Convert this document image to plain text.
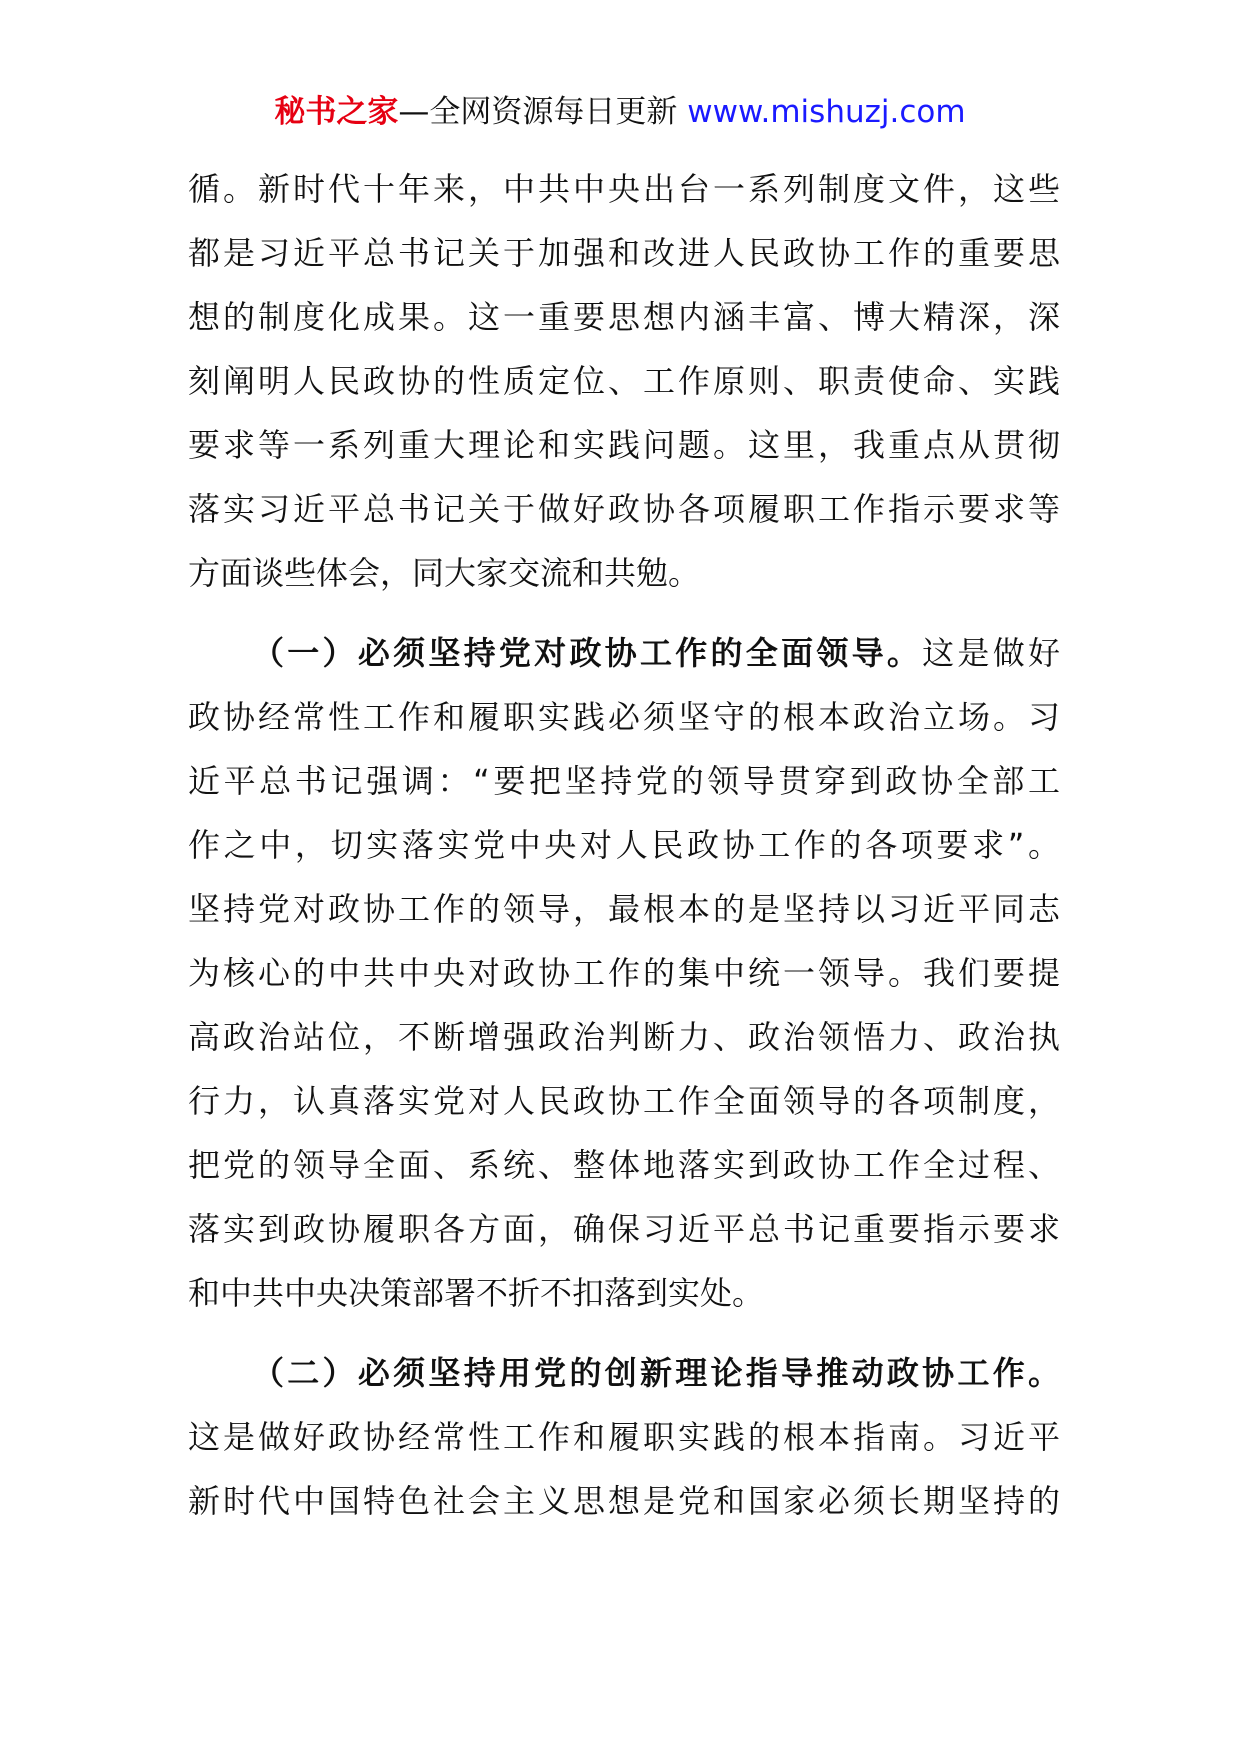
秘书之家—全网资源每日更新 www.mishuzj.com
循。新时代十年来，中共中央出台一系列制度文件，这些
都是习近平总书记关于加强和改进人民政协工作的重要思
想的制度化成果。这一重要思想内涵丰富、博大精深，深
刻阐明人民政协的性质定位、工作原则、职责使命、实践
要求等一系列重大理论和实践问题。这里，我重点从贯彻
落实习近平总书记关于做好政协各项履职工作指示要求等
方面谈些体会，同大家交流和共勉。
（一）必须坚持党对政协工作的全面领导。这是做好
政协经常性工作和履职实践必须坚守的根本政治立场。习
近平总书记强调：“要把坚持党的领导贯穿到政协全部工
作之中，切实落实党中央对人民政协工作的各项要求”。
坚持党对政协工作的领导，最根本的是坚持以习近平同志
为核心的中共中央对政协工作的集中统一领导。我们要提
高政治站位，不断增强政治判断力、政治领悟力、政治执
行力，认真落实党对人民政协工作全面领导的各项制度，
把党的领导全面、系统、整体地落实到政协工作全过程、
落实到政协履职各方面，确保习近平总书记重要指示要求
和中共中央决策部署不折不扣落到实处。
（二）必须坚持用党的创新理论指导推动政协工作。
这是做好政协经常性工作和履职实践的根本指南。习近平
新时代中国特色社会主义思想是党和国家必须长期坚持的
